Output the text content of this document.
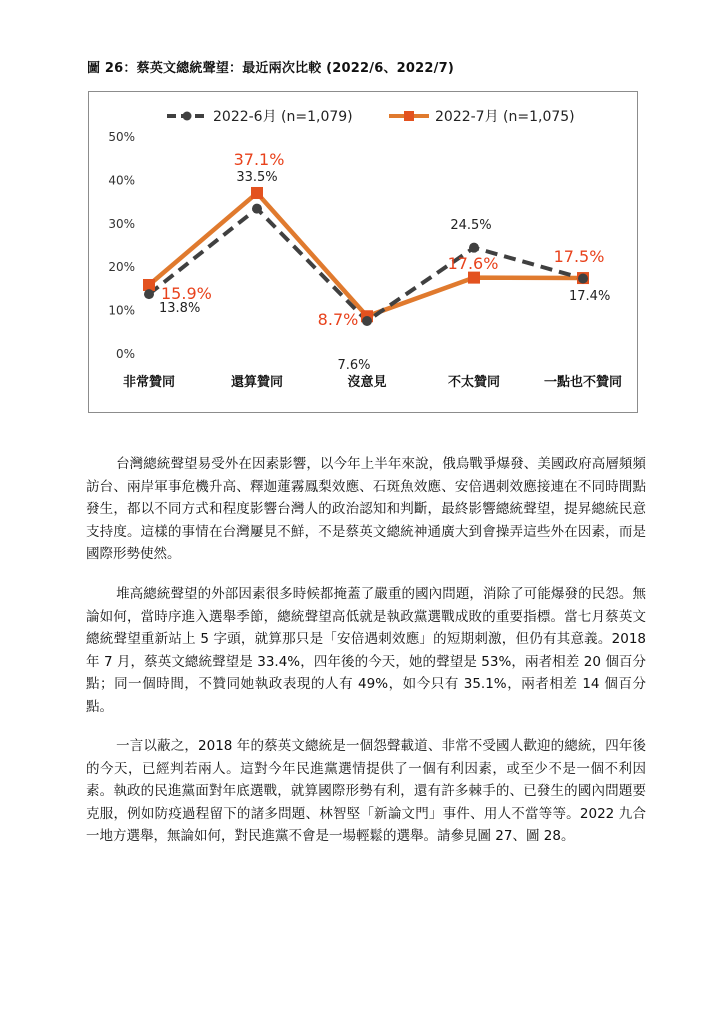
圖 26：蔡英文總統聲望：最近兩次比較 (2022/6、2022/7)
0%
10%
20%
30%
40%
50%
非常贊同	還算贊同	沒意見	不太贊同	一點也不贊同
2022-6月 (n=1,079)	2022-7月 (n=1,075)
13.8%
33.5%
7.6%
24.5%
17.4%
15.9%
37.1%
8.7%
17.6%	17.5%

台灣總統聲望易受外在因素影響，以今年上半年來說，俄烏戰爭爆發、美國政府高層頻頻訪台、兩岸軍事危機升高、釋迦蓮霧鳳梨效應、石斑魚效應、安倍遇刺效應接連在不同時間點發生，都以不同方式和程度影響台灣人的政治認知和判斷，最終影響總統聲望，提昇總統民意支持度。這樣的事情在台灣屢見不鮮，不是蔡英文總統神通廣大到會操弄這些外在因素，而是國際形勢使然。

堆高總統聲望的外部因素很多時候都掩蓋了嚴重的國內問題，消除了可能爆發的民怨。無論如何，當時序進入選舉季節，總統聲望高低就是執政黨選戰成敗的重要指標。當七月蔡英文總統聲望重新站上 5 字頭，就算那只是「安倍遇刺效應」的短期刺激，但仍有其意義。2018 年 7 月，蔡英文總統聲望是 33.4%，四年後的今天，她的聲望是 53%，兩者相差 20 個百分點；同一個時間，不贊同她執政表現的人有 49%，如今只有 35.1%，兩者相差 14 個百分點。

一言以蔽之，2018 年的蔡英文總統是一個怨聲載道、非常不受國人歡迎的總統，四年後的今天，已經判若兩人。這對今年民進黨選情提供了一個有利因素，或至少不是一個不利因素。執政的民進黨面對年底選戰，就算國際形勢有利，還有許多棘手的、已發生的國內問題要克服，例如防疫過程留下的諸多問題、林智堅「新論文門」事件、用人不當等等。2022 九合一地方選舉，無論如何，對民進黨不會是一場輕鬆的選舉。請參見圖 27、圖 28。
